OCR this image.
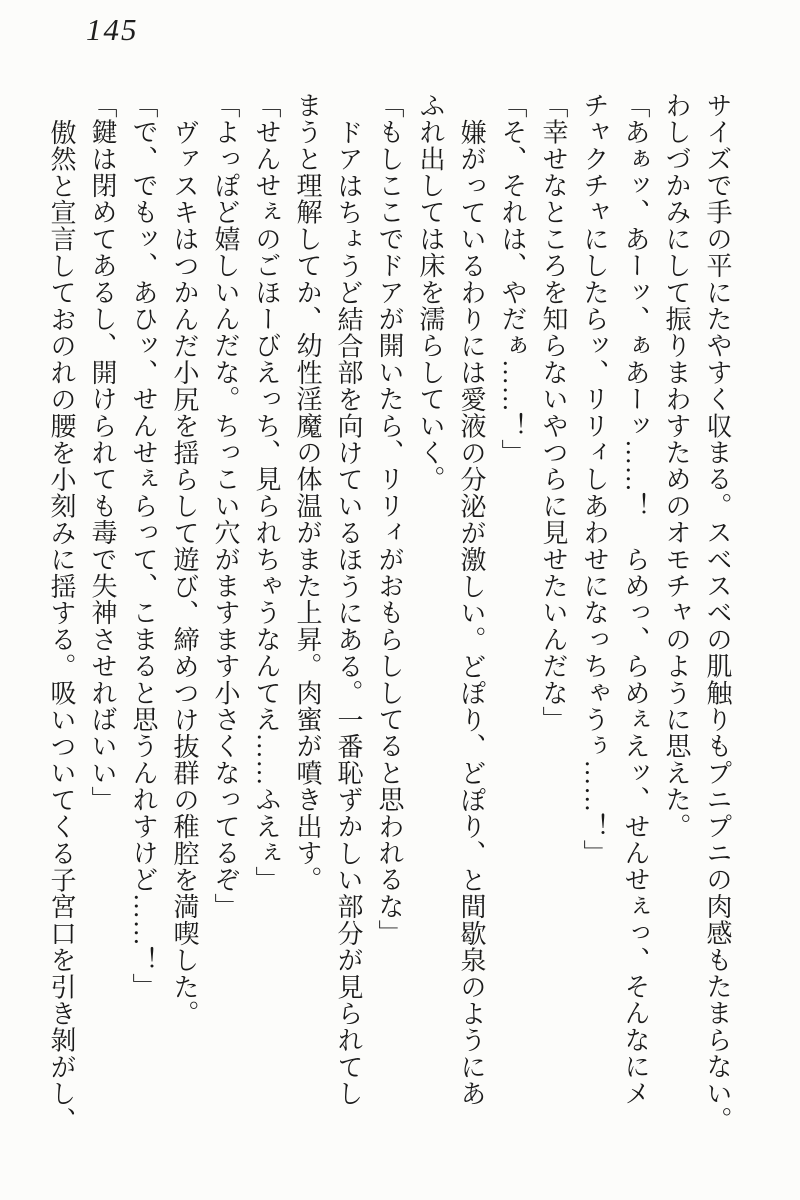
145
サイズで手の平にたやすく収まる。スベスベの肌触りもプニプニの肉感もたまらない。
わしづかみにして振りまわすためのオモチャのように思えた。
「あぁッ、あーッ、ぁあーッ……！　らめっ、らめぇえッ、せんせぇっ、そんなにメ
チャクチャにしたらッ、リリィしあわせになっちゃうぅ……！」
「幸せなところを知らないやつらに見せたいんだな」
「そ、それは、やだぁ……！」
嫌がっているわりには愛液の分泌が激しい。どぽり、どぽり、と間歇泉のようにあ
ふれ出しては床を濡らしていく。
「もしここでドアが開いたら、リリィがおもらししてると思われるな」
ドアはちょうど結合部を向けているほうにある。一番恥ずかしい部分が見られてし
まうと理解してか、幼性淫魔の体温がまた上昇。肉蜜が噴き出す。
「せんせぇのごほーびえっち、見られちゃうなんてえ……ふえぇ」
「よっぽど嬉しいんだな。ちっこい穴がますます小さくなってるぞ」
ヴァスキはつかんだ小尻を揺らして遊び、締めつけ抜群の稚腔を満喫した。
「で、でもッ、あひッ、せんせぇらって、こまると思うんれすけど……！」
「鍵は閉めてあるし、開けられても毒で失神させればいい」
傲然と宣言しておのれの腰を小刻みに揺する。吸いついてくる子宮口を引き剝がし、
